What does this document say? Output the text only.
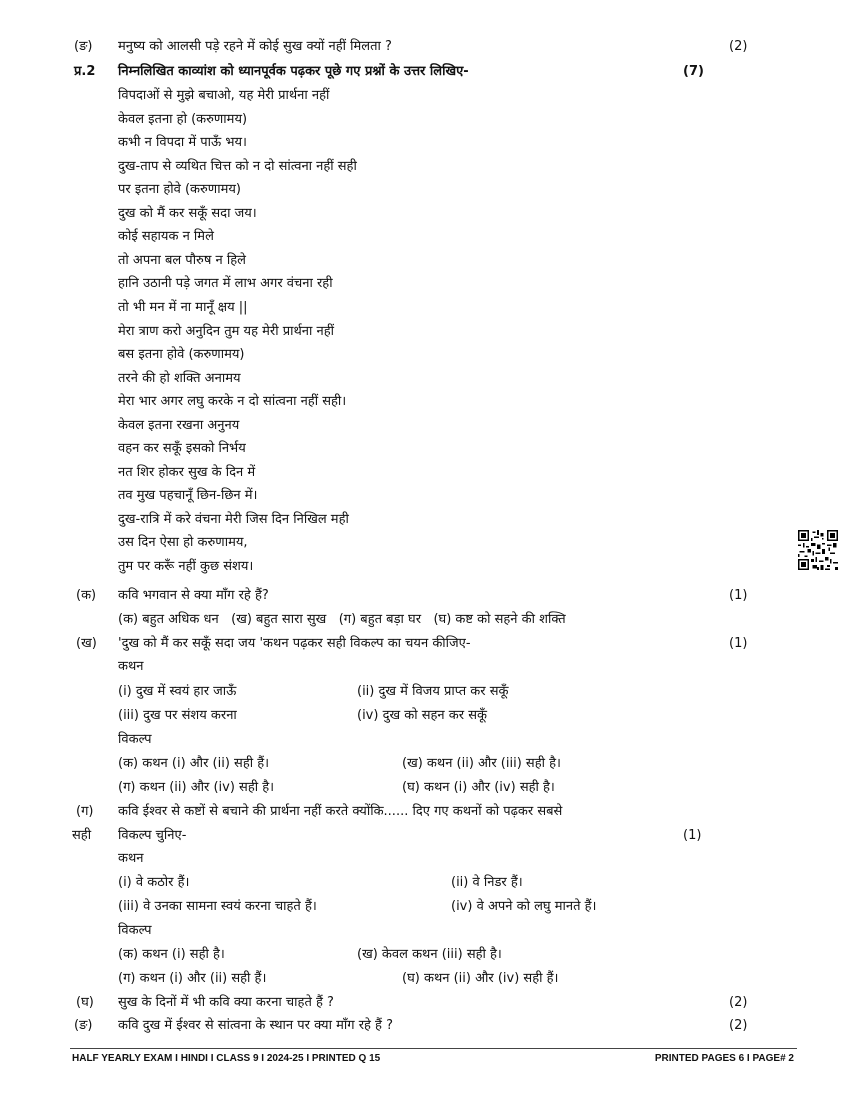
(ङ) मनुष्य को आलसी पड़े रहने में कोई सुख क्यों नहीं मिलता ?	(2)
प्र.2 निम्नलिखित काव्यांश को ध्यानपूर्वक पढ़कर पूछे गए प्रश्नों के उत्तर लिखिए-	(7)
विपदाओं से मुझे बचाओ, यह मेरी प्रार्थना नहीं
केवल इतना हो (करुणामय)
कभी न विपदा में पाऊँ भय।
दुख-ताप से व्यथित चित्त को न दो सांत्वना नहीं सही
पर इतना होवे (करुणामय)
दुख को मैं कर सकूँ सदा जय।
कोई सहायक न मिले
तो अपना बल पौरुष न हिले
हानि उठानी पड़े जगत में लाभ अगर वंचना रही
तो भी मन में ना मानूँ क्षय ||
मेरा त्राण करो अनुदिन तुम यह मेरी प्रार्थना नहीं
बस इतना होवे (करुणामय)
तरने की हो शक्ति अनामय
मेरा भार अगर लघु करके न दो सांत्वना नहीं सही।
केवल इतना रखना अनुनय
वहन कर सकूँ इसको निर्भय
नत शिर होकर सुख के दिन में
तव मुख पहचानूँ छिन-छिन में।
दुख-रात्रि में करे वंचना मेरी जिस दिन निखिल मही
उस दिन ऐसा हो करुणामय,
तुम पर करूँ नहीं कुछ संशय।
(क) कवि भगवान से क्या माँग रहे हैं?	(1)
(क) बहुत अधिक धन   (ख) बहुत सारा सुख   (ग) बहुत बड़ा घर   (घ) कष्ट को सहने की शक्ति
(ख) 'दुख को मैं कर सकूँ सदा जय 'कथन पढ़कर सही विकल्प का चयन कीजिए-	(1)
कथन
(i) दुख में स्वयं हार जाऊँ	(ii) दुख में विजय प्राप्त कर सकूँ
(iii) दुख पर संशय करना	(iv) दुख को सहन कर सकूँ
विकल्प
(क) कथन (i) और (ii) सही हैं।	(ख) कथन (ii) और (iii) सही है।
(ग) कथन (ii) और (iv) सही है।	(घ) कथन (i) और (iv) सही है।
(ग) कवि ईश्वर से कष्टों से बचाने की प्रार्थना नहीं करते क्योंकि...... दिए गए कथनों को पढ़कर सबसे
सही विकल्प चुनिए-	(1)
कथन
(i) वे कठोर हैं।	(ii) वे निडर हैं।
(iii) वे उनका सामना स्वयं करना चाहते हैं।	(iv) वे अपने को लघु मानते हैं।
विकल्प
(क) कथन (i) सही है।	(ख) केवल कथन (iii) सही है।
(ग) कथन (i) और (ii) सही हैं।	(घ) कथन (ii) और (iv) सही हैं।
(घ) सुख के दिनों में भी कवि क्या करना चाहते हैं ?	(2)
(ङ) कवि दुख में ईश्वर से सांत्वना के स्थान पर क्या माँग रहे हैं ?	(2)
HALF YEARLY EXAM I HINDI I CLASS 9 I 2024-25 I PRINTED Q 15	PRINTED PAGES 6 I PAGE# 2
